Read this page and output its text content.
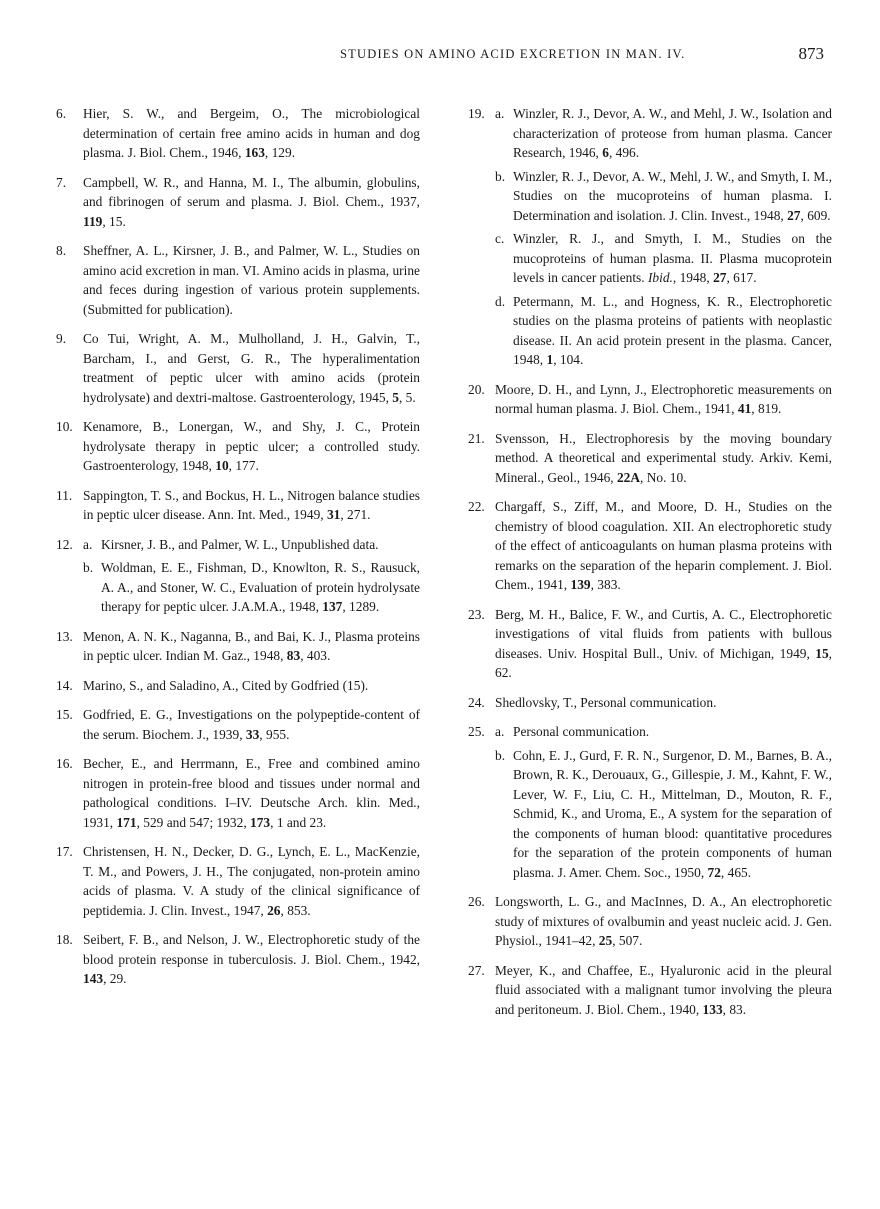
STUDIES ON AMINO ACID EXCRETION IN MAN. IV.	873

6. Hier, S. W., and Bergeim, O., The microbiological determination of certain free amino acids in human and dog plasma. J. Biol. Chem., 1946, 163, 129.

7. Campbell, W. R., and Hanna, M. I., The albumin, globulins, and fibrinogen of serum and plasma. J. Biol. Chem., 1937, 119, 15.

8. Sheffner, A. L., Kirsner, J. B., and Palmer, W. L., Studies on amino acid excretion in man. VI. Amino acids in plasma, urine and feces during ingestion of various protein supplements. (Submitted for publication).

9. Co Tui, Wright, A. M., Mulholland, J. H., Galvin, T., Barcham, I., and Gerst, G. R., The hyperalimentation treatment of peptic ulcer with amino acids (protein hydrolysate) and dextri-maltose. Gastroenterology, 1945, 5, 5.

10. Kenamore, B., Lonergan, W., and Shy, J. C., Protein hydrolysate therapy in peptic ulcer; a controlled study. Gastroenterology, 1948, 10, 177.

11. Sappington, T. S., and Bockus, H. L., Nitrogen balance studies in peptic ulcer disease. Ann. Int. Med., 1949, 31, 271.

12. a. Kirsner, J. B., and Palmer, W. L., Unpublished data.

b. Woldman, E. E., Fishman, D., Knowlton, R. S., Rausuck, A. A., and Stoner, W. C., Evaluation of protein hydrolysate therapy for peptic ulcer. J.A.M.A., 1948, 137, 1289.

13. Menon, A. N. K., Naganna, B., and Bai, K. J., Plasma proteins in peptic ulcer. Indian M. Gaz., 1948, 83, 403.

14. Marino, S., and Saladino, A., Cited by Godfried (15).

15. Godfried, E. G., Investigations on the polypeptide-content of the serum. Biochem. J., 1939, 33, 955.

16. Becher, E., and Herrmann, E., Free and combined amino nitrogen in protein-free blood and tissues under normal and pathological conditions. I–IV. Deutsche Arch. klin. Med., 1931, 171, 529 and 547; 1932, 173, 1 and 23.

17. Christensen, H. N., Decker, D. G., Lynch, E. L., MacKenzie, T. M., and Powers, J. H., The conjugated, non-protein amino acids of plasma. V. A study of the clinical significance of peptidemia. J. Clin. Invest., 1947, 26, 853.

18. Seibert, F. B., and Nelson, J. W., Electrophoretic study of the blood protein response in tuberculosis. J. Biol. Chem., 1942, 143, 29.

19. a. Winzler, R. J., Devor, A. W., and Mehl, J. W., Isolation and characterization of proteose from human plasma. Cancer Research, 1946, 6, 496.

b. Winzler, R. J., Devor, A. W., Mehl, J. W., and Smyth, I. M., Studies on the mucoproteins of human plasma. I. Determination and isolation. J. Clin. Invest., 1948, 27, 609.

c. Winzler, R. J., and Smyth, I. M., Studies on the mucoproteins of human plasma. II. Plasma mucoprotein levels in cancer patients. Ibid., 1948, 27, 617.

d. Petermann, M. L., and Hogness, K. R., Electrophoretic studies on the plasma proteins of patients with neoplastic disease. II. An acid protein present in the plasma. Cancer, 1948, 1, 104.

20. Moore, D. H., and Lynn, J., Electrophoretic measurements on normal human plasma. J. Biol. Chem., 1941, 41, 819.

21. Svensson, H., Electrophoresis by the moving boundary method. A theoretical and experimental study. Arkiv. Kemi, Mineral., Geol., 1946, 22A, No. 10.

22. Chargaff, S., Ziff, M., and Moore, D. H., Studies on the chemistry of blood coagulation. XII. An electrophoretic study of the effect of anticoagulants on human plasma proteins with remarks on the separation of the heparin complement. J. Biol. Chem., 1941, 139, 383.

23. Berg, M. H., Balice, F. W., and Curtis, A. C., Electrophoretic investigations of vital fluids from patients with bullous diseases. Univ. Hospital Bull., Univ. of Michigan, 1949, 15, 62.

24. Shedlovsky, T., Personal communication.

25. a. Personal communication.

b. Cohn, E. J., Gurd, F. R. N., Surgenor, D. M., Barnes, B. A., Brown, R. K., Derouaux, G., Gillespie, J. M., Kahnt, F. W., Lever, W. F., Liu, C. H., Mittelman, D., Mouton, R. F., Schmid, K., and Uroma, E., A system for the separation of the components of human blood: quantitative procedures for the separation of the protein components of human plasma. J. Amer. Chem. Soc., 1950, 72, 465.

26. Longsworth, L. G., and MacInnes, D. A., An electrophoretic study of mixtures of ovalbumin and yeast nucleic acid. J. Gen. Physiol., 1941–42, 25, 507.

27. Meyer, K., and Chaffee, E., Hyaluronic acid in the pleural fluid associated with a malignant tumor involving the pleura and peritoneum. J. Biol. Chem., 1940, 133, 83.
